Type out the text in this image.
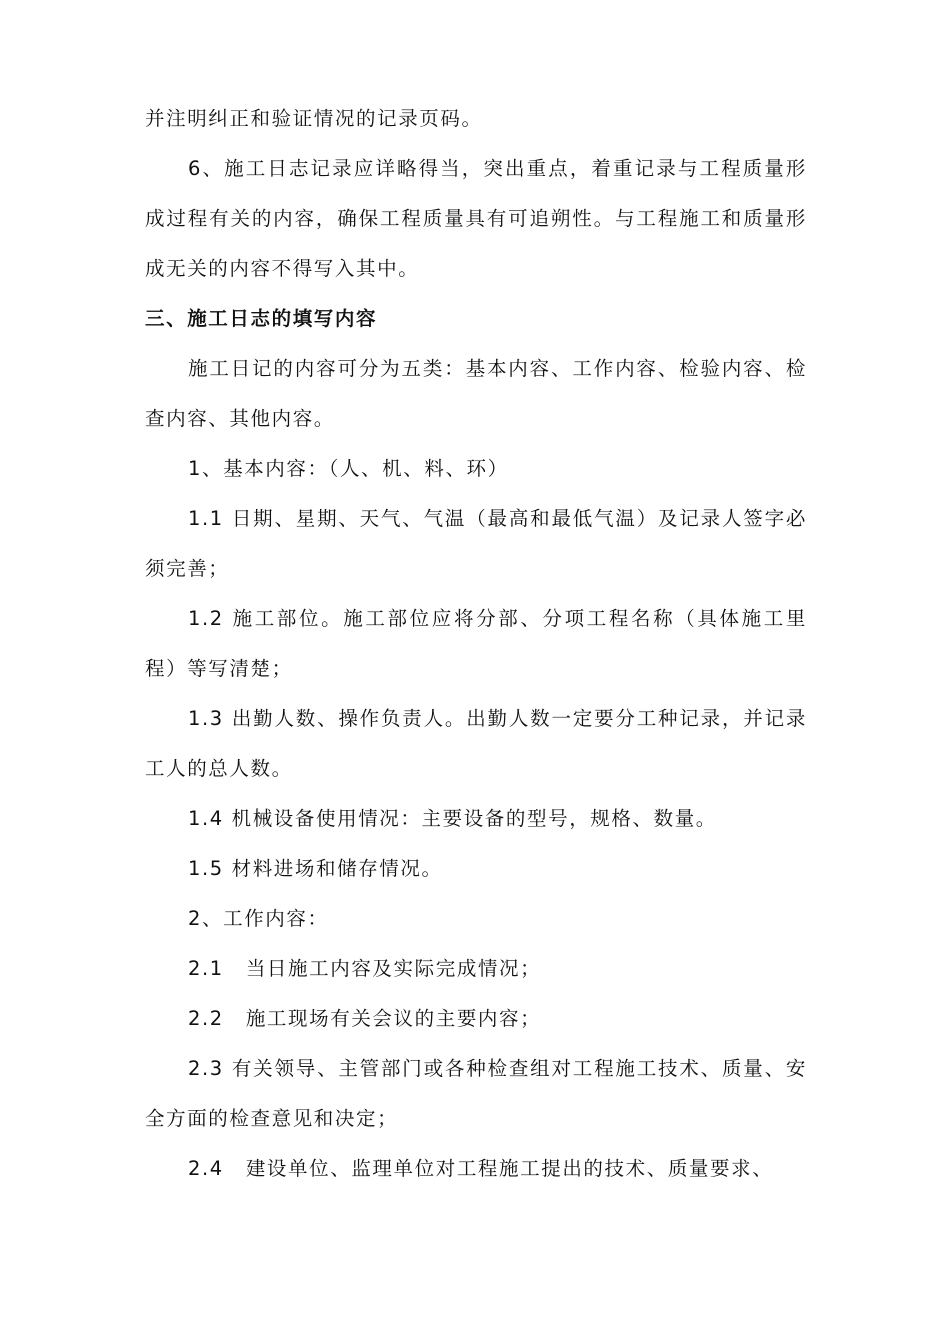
并注明纠正和验证情况的记录页码。

6、施工日志记录应详略得当，突出重点，着重记录与工程质量形成过程有关的内容，确保工程质量具有可追朔性。与工程施工和质量形成无关的内容不得写入其中。

三、施工日志的填写内容

施工日记的内容可分为五类：基本内容、工作内容、检验内容、检查内容、其他内容。

1、基本内容：（人、机、料、环）

1.1 日期、星期、天气、气温（最高和最低气温）及记录人签字必须完善；

1.2 施工部位。施工部位应将分部、分项工程名称（具体施工里程）等写清楚；

1.3 出勤人数、操作负责人。出勤人数一定要分工种记录，并记录工人的总人数。

1.4 机械设备使用情况：主要设备的型号，规格、数量。

1.5 材料进场和储存情况。

2、工作内容：

2.1 当日施工内容及实际完成情况；

2.2 施工现场有关会议的主要内容；

2.3 有关领导、主管部门或各种检查组对工程施工技术、质量、安全方面的检查意见和决定；

2.4 建设单位、监理单位对工程施工提出的技术、质量要求、
